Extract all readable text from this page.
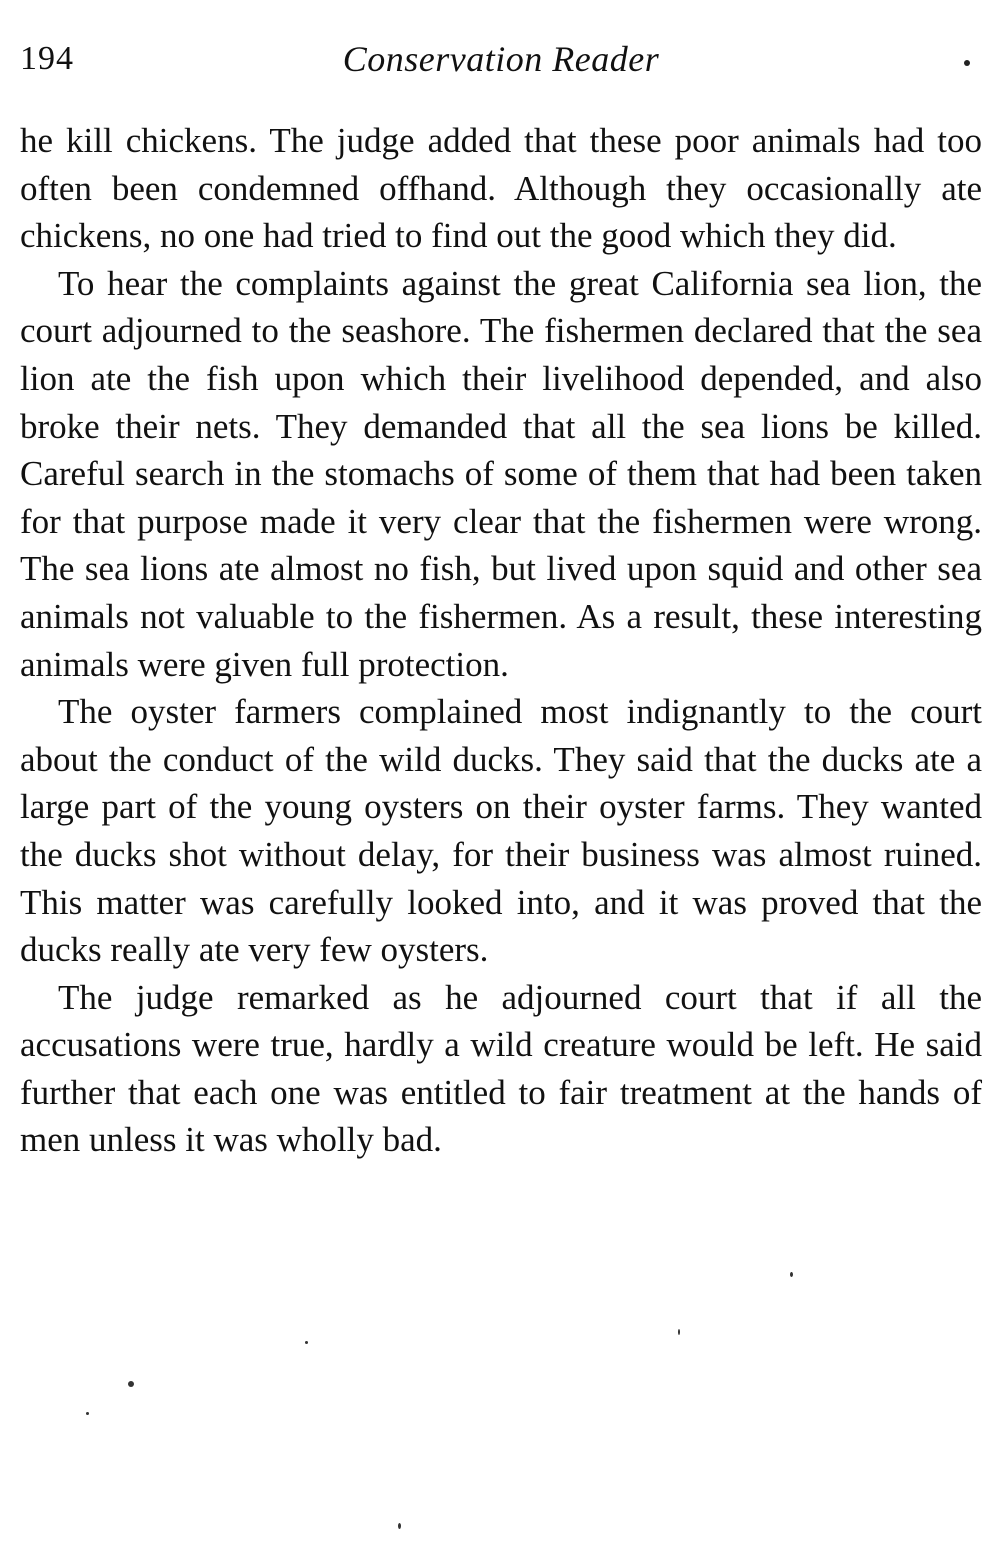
194	Conservation Reader

he kill chickens. The judge added that these poor animals had too often been condemned offhand. Although they occasionally ate chickens, no one had tried to find out the good which they did.

To hear the complaints against the great California sea lion, the court adjourned to the seashore. The fishermen declared that the sea lion ate the fish upon which their livelihood depended, and also broke their nets. They demanded that all the sea lions be killed. Careful search in the stomachs of some of them that had been taken for that purpose made it very clear that the fishermen were wrong. The sea lions ate almost no fish, but lived upon squid and other sea animals not valuable to the fishermen. As a result, these interesting animals were given full protection.

The oyster farmers complained most indignantly to the court about the conduct of the wild ducks. They said that the ducks ate a large part of the young oysters on their oyster farms. They wanted the ducks shot without delay, for their business was almost ruined. This matter was carefully looked into, and it was proved that the ducks really ate very few oysters.

The judge remarked as he adjourned court that if all the accusations were true, hardly a wild creature would be left. He said further that each one was entitled to fair treatment at the hands of men unless it was wholly bad.
